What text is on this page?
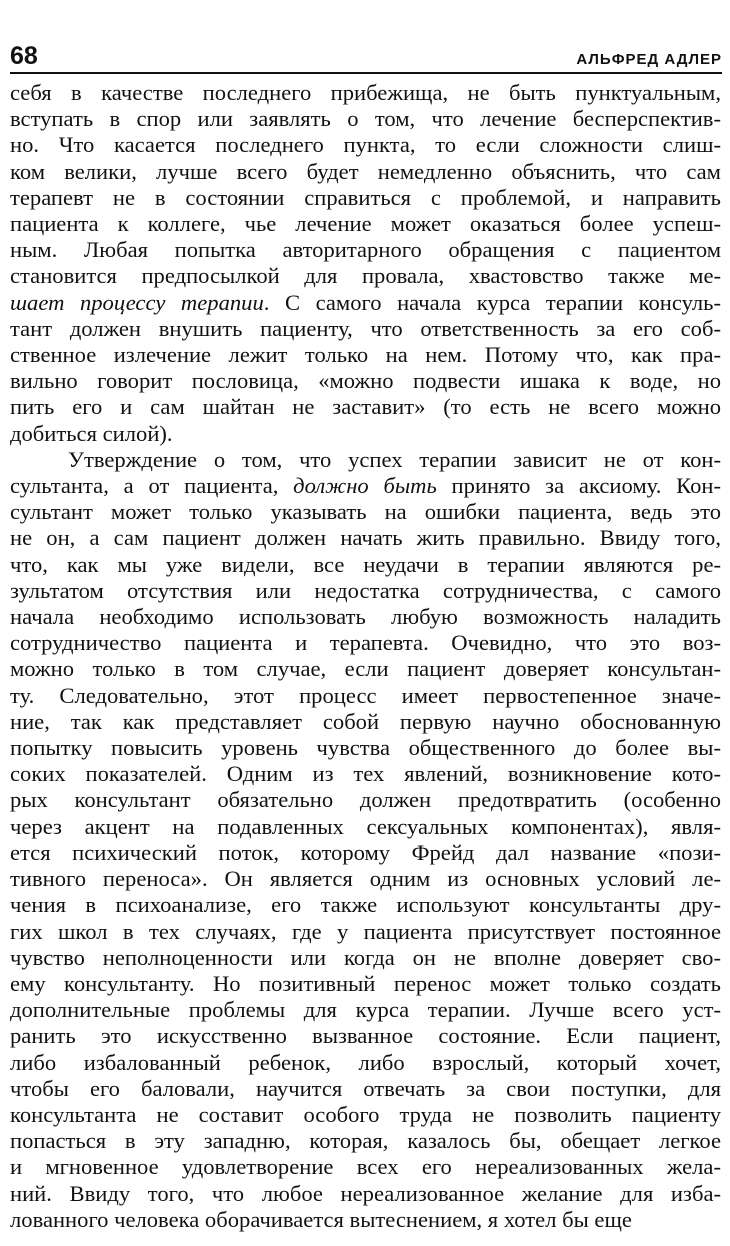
68	АЛЬФРЕД АДЛЕР
себя в качестве последнего прибежища, не быть пунктуальным,
вступать в спор или заявлять о том, что лечение бесперспектив-
но. Что касается последнего пункта, то если сложности слиш-
ком велики, лучше всего будет немедленно объяснить, что сам
терапевт не в состоянии справиться с проблемой, и направить
пациента к коллеге, чье лечение может оказаться более успеш-
ным. Любая попытка авторитарного обращения с пациентом
становится предпосылкой для провала, хвастовство также ме-
шает процессу терапии. С самого начала курса терапии консуль-
тант должен внушить пациенту, что ответственность за его соб-
ственное излечение лежит только на нем. Потому что, как пра-
вильно говорит пословица, «можно подвести ишака к воде, но
пить его и сам шайтан не заставит» (то есть не всего можно
добиться силой).
Утверждение о том, что успех терапии зависит не от кон-
сультанта, а от пациента, должно быть принято за аксиому. Кон-
сультант может только указывать на ошибки пациента, ведь это
не он, а сам пациент должен начать жить правильно. Ввиду того,
что, как мы уже видели, все неудачи в терапии являются ре-
зультатом отсутствия или недостатка сотрудничества, с самого
начала необходимо использовать любую возможность наладить
сотрудничество пациента и терапевта. Очевидно, что это воз-
можно только в том случае, если пациент доверяет консультан-
ту. Следовательно, этот процесс имеет первостепенное значе-
ние, так как представляет собой первую научно обоснованную
попытку повысить уровень чувства общественного до более вы-
соких показателей. Одним из тех явлений, возникновение кото-
рых консультант обязательно должен предотвратить (особенно
через акцент на подавленных сексуальных компонентах), явля-
ется психический поток, которому Фрейд дал название «пози-
тивного переноса». Он является одним из основных условий ле-
чения в психоанализе, его также используют консультанты дру-
гих школ в тех случаях, где у пациента присутствует постоянное
чувство неполноценности или когда он не вполне доверяет сво-
ему консультанту. Но позитивный перенос может только создать
дополнительные проблемы для курса терапии. Лучше всего уст-
ранить это искусственно вызванное состояние. Если пациент,
либо избалованный ребенок, либо взрослый, который хочет,
чтобы его баловали, научится отвечать за свои поступки, для
консультанта не составит особого труда не позволить пациенту
попасться в эту западню, которая, казалось бы, обещает легкое
и мгновенное удовлетворение всех его нереализованных жела-
ний. Ввиду того, что любое нереализованное желание для изба-
лованного человека оборачивается вытеснением, я хотел бы еще
